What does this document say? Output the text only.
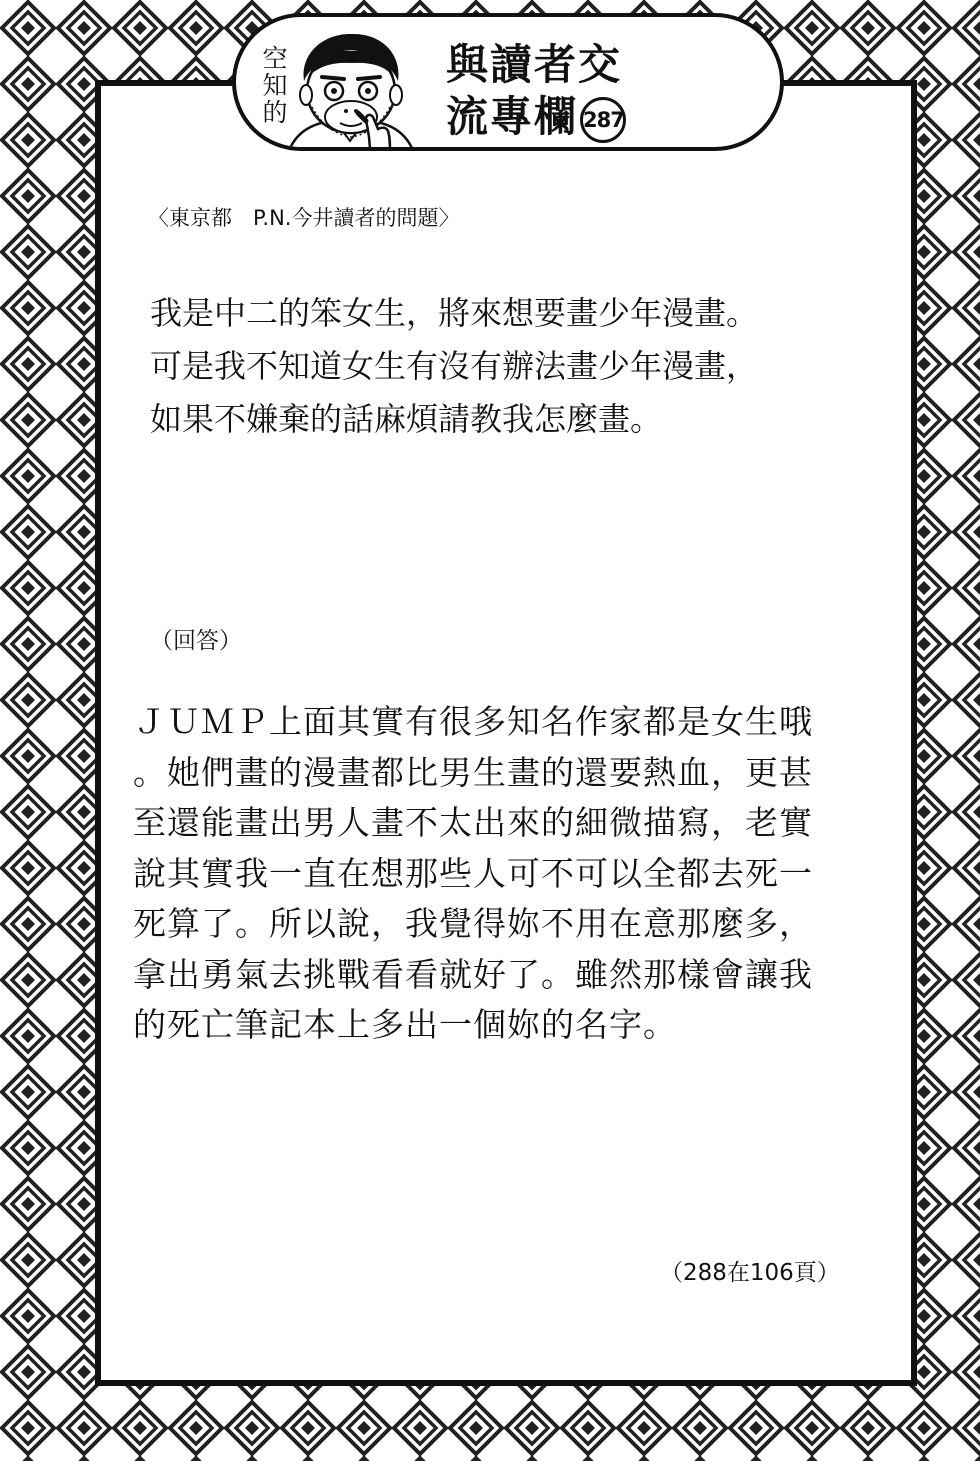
空知的
與讀者交
流專欄 287
〈東京都　P.N.今井讀者的問題〉
我是中二的笨女生，將來想要畫少年漫畫。
可是我不知道女生有沒有辦法畫少年漫畫，
如果不嫌棄的話麻煩請教我怎麼畫。
（回答）
ＪＵＭＰ上面其實有很多知名作家都是女生哦
。她們畫的漫畫都比男生畫的還要熱血，更甚
至還能畫出男人畫不太出來的細微描寫，老實
說其實我一直在想那些人可不可以全都去死一
死算了。所以說，我覺得妳不用在意那麼多，
拿出勇氣去挑戰看看就好了。雖然那樣會讓我
的死亡筆記本上多出一個妳的名字。
（288在106頁）
